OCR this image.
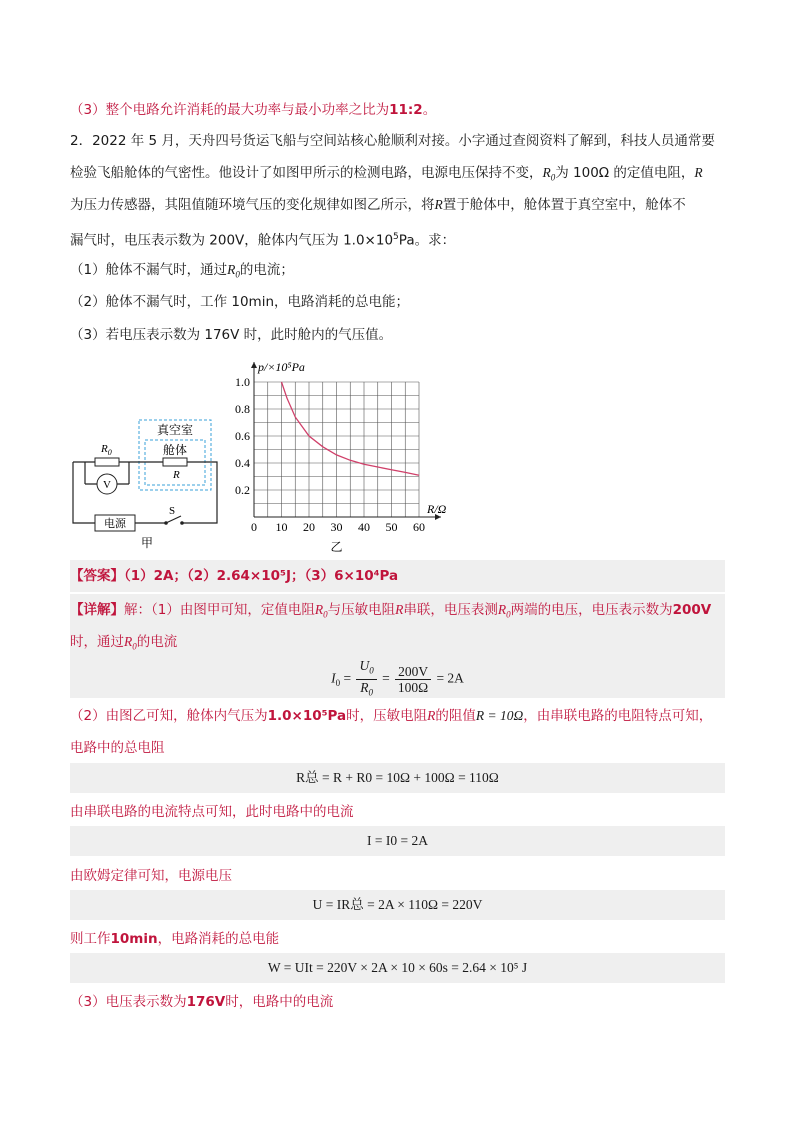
（3）整个电路允许消耗的最大功率与最小功率之比为11:2。
2．2022 年 5 月，天舟四号货运飞船与空间站核心舱顺利对接。小字通过查阅资料了解到，科技人员通常要
检验飞船舱体的气密性。他设计了如图甲所示的检测电路，电源电压保持不变，$R_0$为 100Ω 的定值电阻，R
为压力传感器，其阻值随环境气压的变化规律如图乙所示，将R置于舱体中，舱体置于真空室中，舱体不
漏气时，电压表示数为 200V，舱体内气压为 $1.0\times 10^5Pa$。求：
（1）舱体不漏气时，通过$R_0$的电流；
（2）舱体不漏气时，工作 10min，电路消耗的总电能；
（3）若电压表示数为 176V 时，此时舱内的气压值。
真空室
舱体
$R_0$
V
R
电源
S
甲
0 10 20 30 40 50 60
0.2
0.4
0.6
0.8
1.0
p/×10⁵Pa
R/Ω
乙
【答案】（1）2A；（2）2.64×10⁵J；（3）6×10⁴Pa
【详解】解：（1）由图甲可知，定值电阻$R_0$与压敏电阻R串联，电压表测$R_0$两端的电压，电压表示数为200V
时，通过$R_0$的电流
$I_0 = \frac{U_0}{R_0} = \frac{200V}{100\Omega} = 2A$
（2）由图乙可知，舱体内气压为1.0×10⁵Pa时，压敏电阻R的阻值R = 10Ω，由串联电路的电阻特点可知，
电路中的总电阻
R总 = R + R0 = 10Ω + 100Ω = 110Ω
由串联电路的电流特点可知，此时电路中的电流
I = I0 = 2A
由欧姆定律可知，电源电压
U = IR总 = 2A × 110Ω = 220V
则工作10min，电路消耗的总电能
W = UIt = 220V × 2A × 10 × 60s = 2.64 × 10⁵ J
（3）电压表示数为176V时，电路中的电流
